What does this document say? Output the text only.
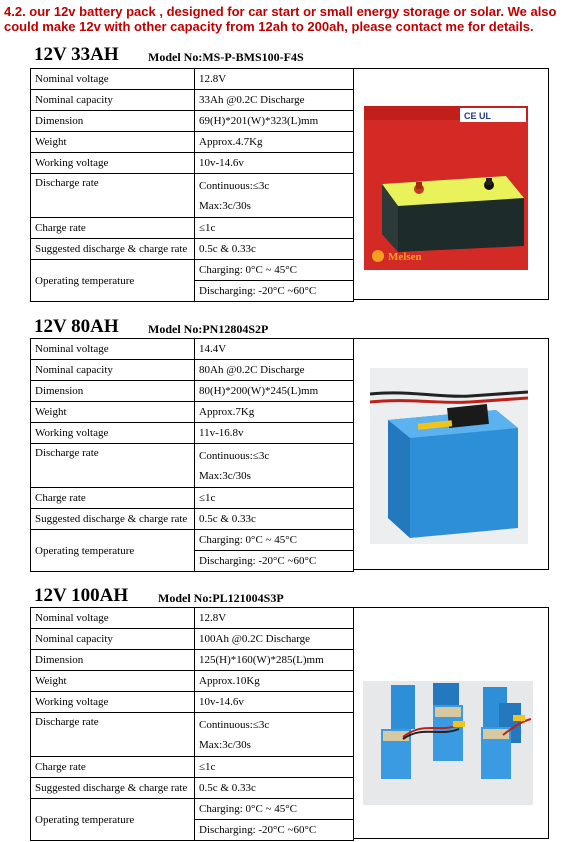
4.2. our 12v battery pack , designed for car start or small energy storage or solar. We also could make 12v with other capacity from 12ah to 200ah, please contact me for details.
12V 33AH Model No:MS-P-BMS100-F4S
Nominal voltage	12.8V
Nominal capacity	33Ah @0.2C Discharge
Dimension	69(H)*201(W)*323(L)mm
Weight	Approx.4.7Kg
Working voltage	10v-14.6v
Discharge rate	Continuous:≤3c
Max:3c/30s

Charge rate	≤1c
Suggested discharge & charge rate	0.5c & 0.33c
Operating temperature	Charging: 0°C ~ 45°C
Discharging: -20°C ~60°C
CE UL
Melsen
12V 80AH Model No:PN12804S2P
Nominal voltage	14.4V
Nominal capacity	80Ah @0.2C Discharge
Dimension	80(H)*200(W)*245(L)mm
Weight	Approx.7Kg
Working voltage	11v-16.8v
Discharge rate	Continuous:≤3c
Max:3c/30s

Charge rate	≤1c
Suggested discharge & charge rate	0.5c & 0.33c
Operating temperature	Charging: 0°C ~ 45°C
Discharging: -20°C ~60°C
12V 100AH Model No:PL121004S3P
Nominal voltage	12.8V
Nominal capacity	100Ah @0.2C Discharge
Dimension	125(H)*160(W)*285(L)mm
Weight	Approx.10Kg
Working voltage	10v-14.6v
Discharge rate	Continuous:≤3c
Max:3c/30s

Charge rate	≤1c
Suggested discharge & charge rate	0.5c & 0.33c
Operating temperature	Charging: 0°C ~ 45°C
Discharging: -20°C ~60°C
